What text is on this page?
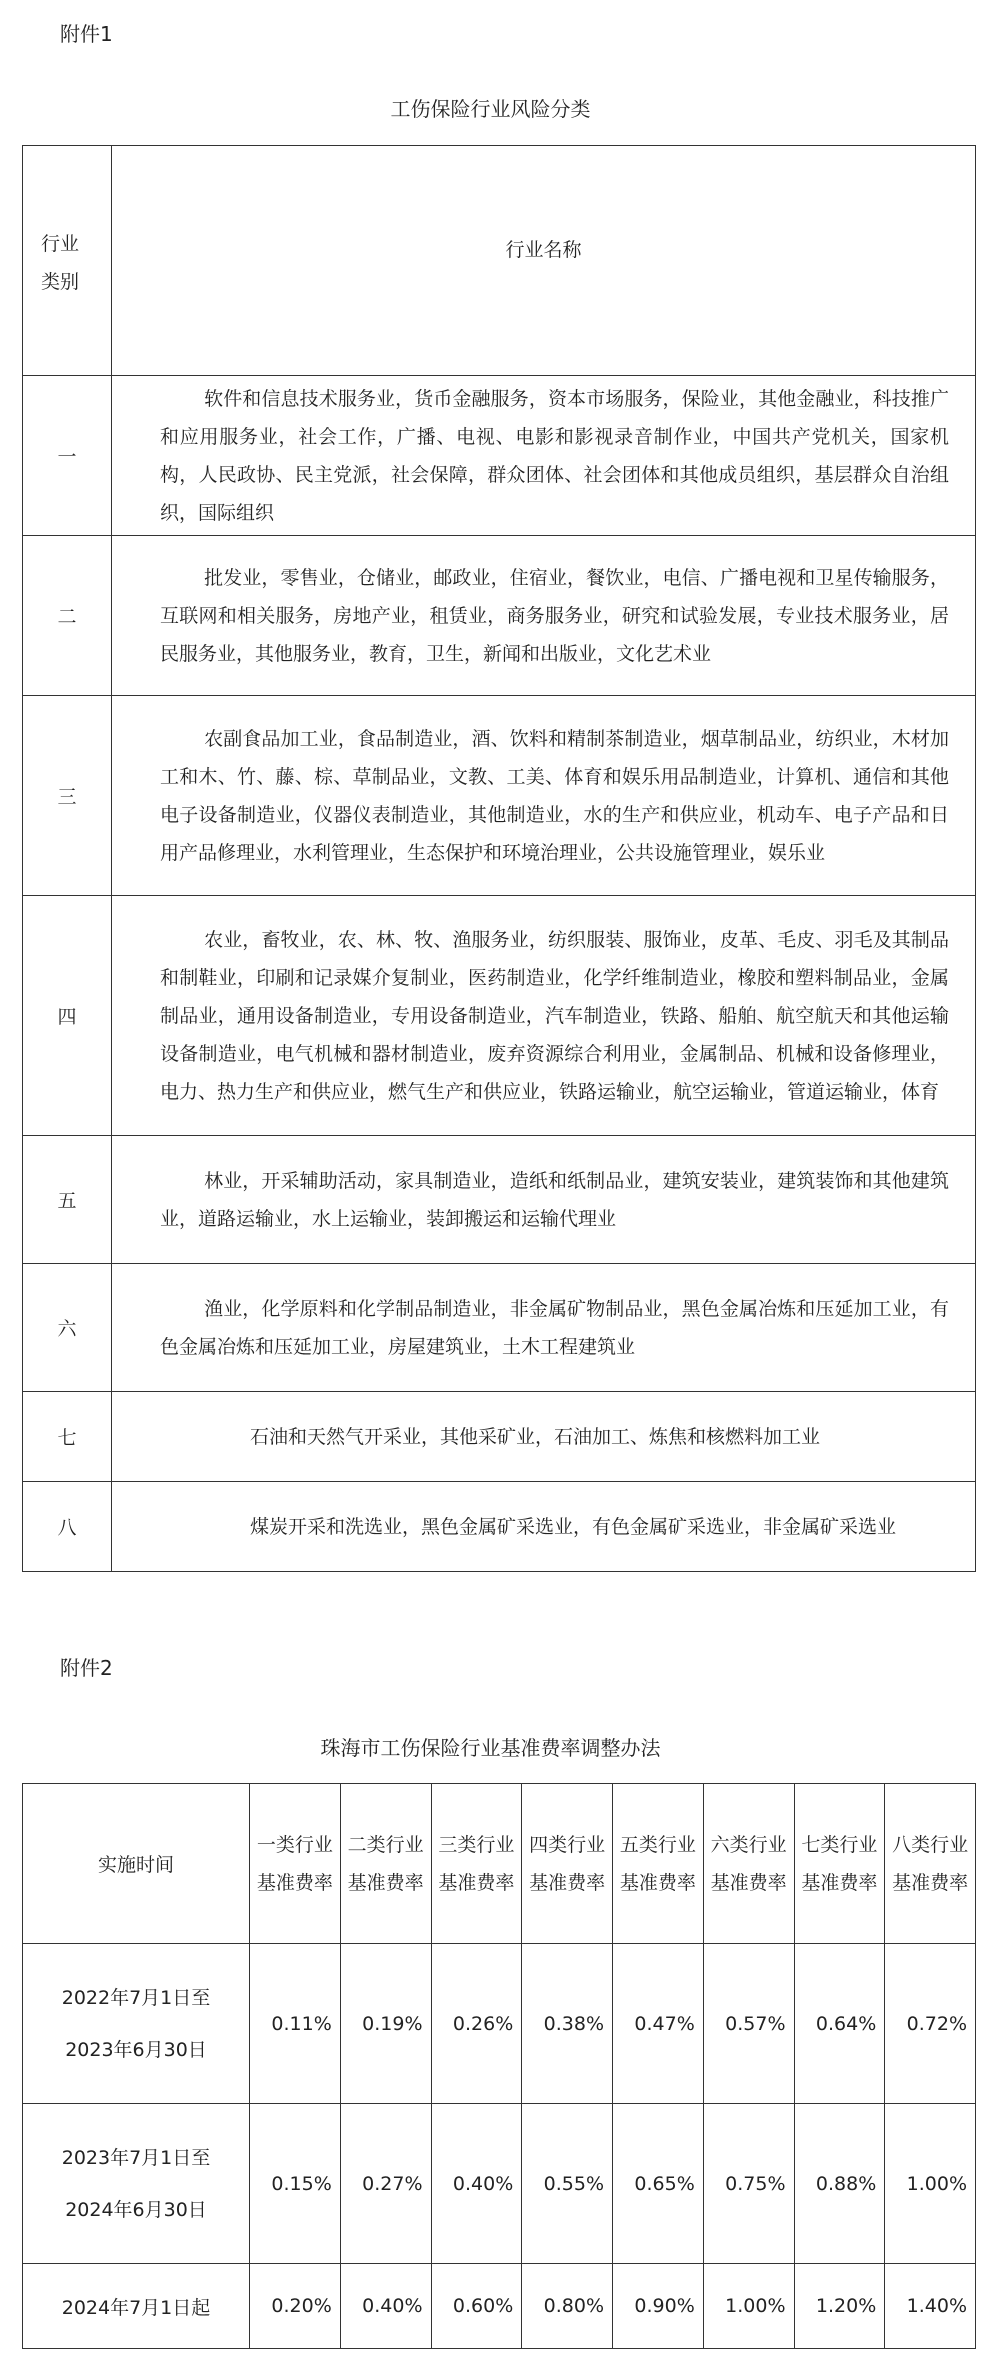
附件1
工伤保险行业风险分类
行业类别	行业名称
一	软件和信息技术服务业，货币金融服务，资本市场服务，保险业，其他金融业，科技推广和应用服务业，社会工作，广播、电视、电影和影视录音制作业，中国共产党机关，国家机构，人民政协、民主党派，社会保障，群众团体、社会团体和其他成员组织，基层群众自治组织，国际组织
二	批发业，零售业，仓储业，邮政业，住宿业，餐饮业，电信、广播电视和卫星传输服务，互联网和相关服务，房地产业，租赁业，商务服务业，研究和试验发展，专业技术服务业，居民服务业，其他服务业，教育，卫生，新闻和出版业，文化艺术业
三	农副食品加工业，食品制造业，酒、饮料和精制茶制造业，烟草制品业，纺织业，木材加工和木、竹、藤、棕、草制品业，文教、工美、体育和娱乐用品制造业，计算机、通信和其他电子设备制造业，仪器仪表制造业，其他制造业，水的生产和供应业，机动车、电子产品和日用产品修理业，水利管理业，生态保护和环境治理业，公共设施管理业，娱乐业
四	农业，畜牧业，农、林、牧、渔服务业，纺织服装、服饰业，皮革、毛皮、羽毛及其制品和制鞋业，印刷和记录媒介复制业，医药制造业，化学纤维制造业，橡胶和塑料制品业，金属制品业，通用设备制造业，专用设备制造业，汽车制造业，铁路、船舶、航空航天和其他运输设备制造业，电气机械和器材制造业，废弃资源综合利用业，金属制品、机械和设备修理业，电力、热力生产和供应业，燃气生产和供应业，铁路运输业，航空运输业，管道运输业，体育
五	林业，开采辅助活动，家具制造业，造纸和纸制品业，建筑安装业，建筑装饰和其他建筑业，道路运输业，水上运输业，装卸搬运和运输代理业
六	渔业，化学原料和化学制品制造业，非金属矿物制品业，黑色金属冶炼和压延加工业，有色金属冶炼和压延加工业，房屋建筑业，土木工程建筑业
七	石油和天然气开采业，其他采矿业，石油加工、炼焦和核燃料加工业
八	煤炭开采和洗选业，黑色金属矿采选业，有色金属矿采选业，非金属矿采选业
附件2
珠海市工伤保险行业基准费率调整办法
实施时间	一类行业基准费率	二类行业基准费率	三类行业基准费率	四类行业基准费率	五类行业基准费率	六类行业基准费率	七类行业基准费率	八类行业基准费率

2022年7月1日至2023年6月30日	0.11%	0.19%	0.26%	0.38%	0.47%	0.57%	0.64%	0.72%

2023年7月1日至2024年6月30日	0.15%	0.27%	0.40%	0.55%	0.65%	0.75%	0.88%	1.00%
2024年7月1日起	0.20%	0.40%	0.60%	0.80%	0.90%	1.00%	1.20%	1.40%
